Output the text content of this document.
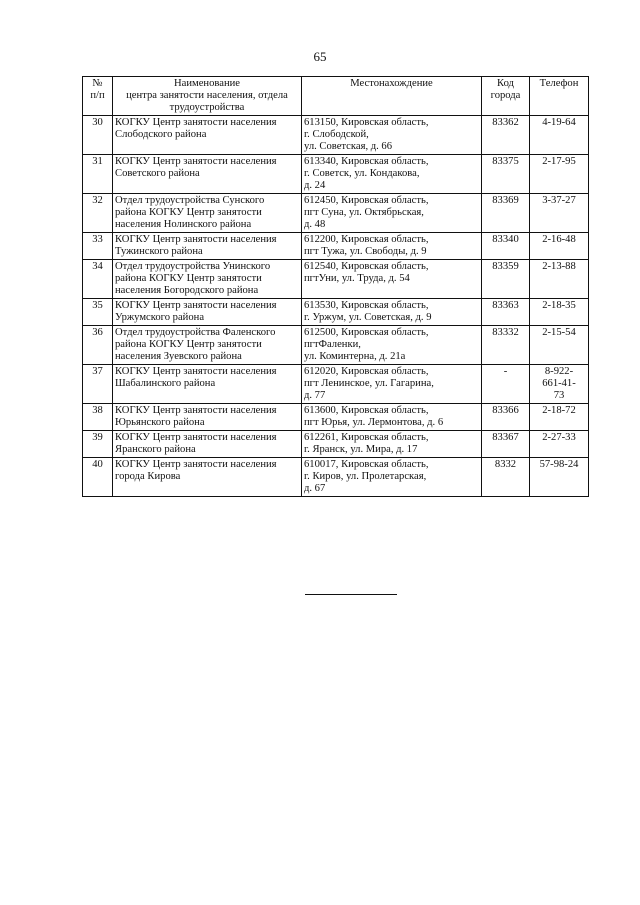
65
№
п/п	Наименование
центра занятости населения, отдела
трудоустройства	Местонахождение	Код
города	Телефон
30	КОГКУ Центр занятости населения
Слободского района	613150, Кировская область,
г. Слободской,
ул. Советская, д. 66	83362	4-19-64
31	КОГКУ Центр занятости населения
Советского района	613340, Кировская область,
г. Советск, ул. Кондакова,
д. 24	83375	2-17-95
32	Отдел трудоустройства Сунского
района КОГКУ Центр занятости
населения Нолинского района	612450, Кировская область,
пгт Суна, ул. Октябрьская,
д. 48	83369	3-37-27
33	КОГКУ Центр занятости населения
Тужинского района	612200, Кировская область,
пгт Тужа, ул. Свободы, д. 9	83340	2-16-48
34	Отдел трудоустройства Унинского
района КОГКУ Центр занятости
населения Богородского района	612540, Кировская область,
пгтУни, ул. Труда, д. 54	83359	2-13-88
35	КОГКУ Центр занятости населения
Уржумского района	613530, Кировская область,
г. Уржум, ул. Советская, д. 9	83363	2-18-35
36	Отдел трудоустройства Фаленского
района КОГКУ Центр занятости
населения Зуевского района	612500, Кировская область,
пгтФаленки,
ул. Коминтерна, д. 21а	83332	2-15-54
37	КОГКУ Центр занятости населения
Шабалинского района	612020, Кировская область,
пгт Ленинское, ул. Гагарина,
д. 77	-	8-922-
661-41-
73
38	КОГКУ Центр занятости населения
Юрьянского района	613600, Кировская область,
пгт Юрья, ул. Лермонтова, д. 6	83366	2-18-72
39	КОГКУ Центр занятости населения
Яранского района	612261, Кировская область,
г. Яранск, ул. Мира, д. 17	83367	2-27-33
40	КОГКУ Центр занятости населения
города Кирова	610017, Кировская область,
г. Киров, ул. Пролетарская,
д. 67	8332	57-98-24
